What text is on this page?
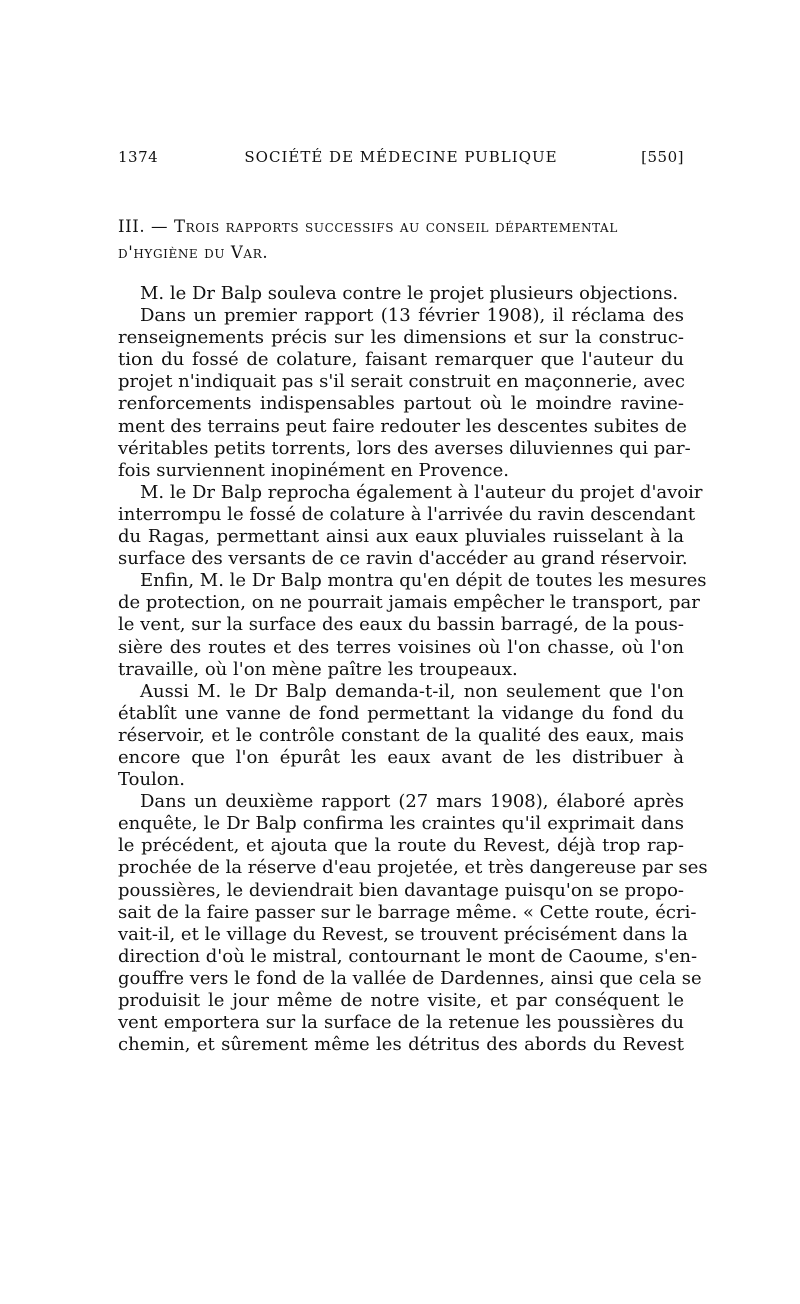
1374	SOCIÉTÉ DE MÉDECINE PUBLIQUE	[550]
III. — Trois rapports successifs au conseil départemental
d'hygiène du Var.
M. le Dr Balp souleva contre le projet plusieurs objections.
Dans un premier rapport (13 février 1908), il réclama des
renseignements précis sur les dimensions et sur la construc-
tion du fossé de colature, faisant remarquer que l'auteur du
projet n'indiquait pas s'il serait construit en maçonnerie, avec
renforcements indispensables partout où le moindre ravine-
ment des terrains peut faire redouter les descentes subites de
véritables petits torrents, lors des averses diluviennes qui par-
fois surviennent inopinément en Provence.
M. le Dr Balp reprocha également à l'auteur du projet d'avoir
interrompu le fossé de colature à l'arrivée du ravin descendant
du Ragas, permettant ainsi aux eaux pluviales ruisselant à la
surface des versants de ce ravin d'accéder au grand réservoir.
Enfin, M. le Dr Balp montra qu'en dépit de toutes les mesures
de protection, on ne pourrait jamais empêcher le transport, par
le vent, sur la surface des eaux du bassin barragé, de la pous-
sière des routes et des terres voisines où l'on chasse, où l'on
travaille, où l'on mène paître les troupeaux.
Aussi M. le Dr Balp demanda-t-il, non seulement que l'on
établît une vanne de fond permettant la vidange du fond du
réservoir, et le contrôle constant de la qualité des eaux, mais
encore que l'on épurât les eaux avant de les distribuer à
Toulon.
Dans un deuxième rapport (27 mars 1908), élaboré après
enquête, le Dr Balp confirma les craintes qu'il exprimait dans
le précédent, et ajouta que la route du Revest, déjà trop rap-
prochée de la réserve d'eau projetée, et très dangereuse par ses
poussières, le deviendrait bien davantage puisqu'on se propo-
sait de la faire passer sur le barrage même. « Cette route, écri-
vait-il, et le village du Revest, se trouvent précisément dans la
direction d'où le mistral, contournant le mont de Caoume, s'en-
gouffre vers le fond de la vallée de Dardennes, ainsi que cela se
produisit le jour même de notre visite, et par conséquent le
vent emportera sur la surface de la retenue les poussières du
chemin, et sûrement même les détritus des abords du Revest
